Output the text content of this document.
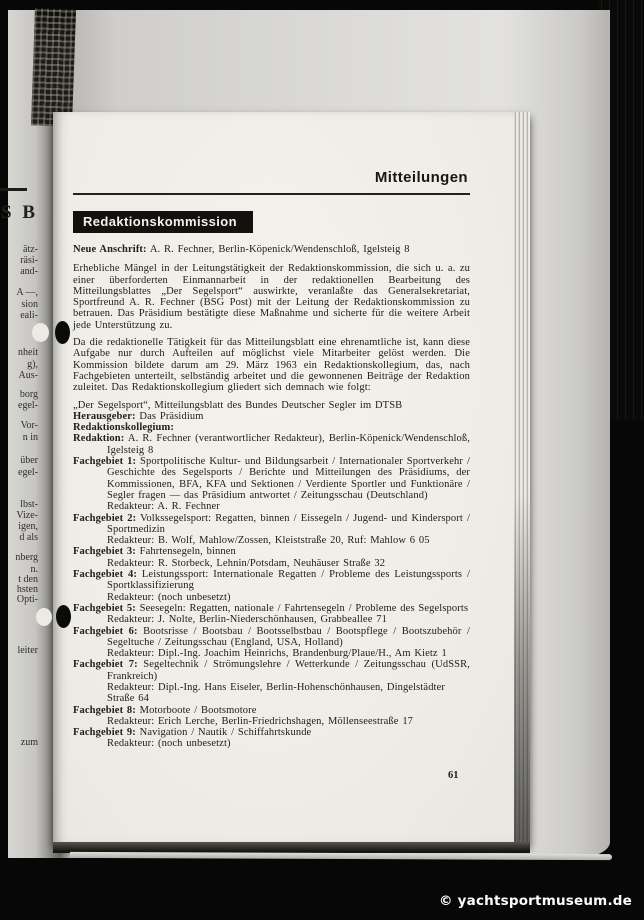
S B
ätz-
räsi-
and-
A —,
sion
eali-
nheit
g),
Aus-
borg
egel-
Vor-
n in
über
egel-
lbst-
Vize-
igen,
d als
nberg
n.
t den
hsten
Opti-
leiter
zum
Mitteilungen
Redaktionskommission
Neue Anschrift: A. R. Fechner, Berlin-Köpenick/Wendenschloß, Igelsteig 8
Erhebliche Mängel in der Leitungstätigkeit der Redaktionskommission, die sich u. a. zu einer überforderten Einmannarbeit in der redaktionellen Bearbeitung des Mitteilungsblattes „Der Segelsport“ auswirkte, veranlaßte das Generalsekretariat, Sportfreund A. R. Fechner (BSG Post) mit der Leitung der Redaktionskommission zu betrauen. Das Präsidium bestätigte diese Maßnahme und sicherte für die weitere Arbeit jede Unterstützung zu.
Da die redaktionelle Tätigkeit für das Mitteilungsblatt eine ehrenamtliche ist, kann diese Aufgabe nur durch Aufteilen auf möglichst viele Mitarbeiter gelöst werden. Die Kommission bildete darum am 29. März 1963 ein Redaktionskollegium, das, nach Fachgebieten unterteilt, selbständig arbeitet und die gewonnenen Beiträge der Redaktion zuleitet. Das Redaktionskollegium gliedert sich demnach wie folgt:
„Der Segelsport“, Mitteilungsblatt des Bundes Deutscher Segler im DTSB
Herausgeber: Das Präsidium
Redaktionskollegium:
Redaktion: A. R. Fechner (verantwortlicher Redakteur), Berlin-Köpenick/Wendenschloß, Igelsteig 8
Fachgebiet 1: Sportpolitische Kultur- und Bildungsarbeit / Internationaler Sportverkehr / Geschichte des Segelsports / Berichte und Mitteilungen des Präsidiums, der Kommissionen, BFA, KFA und Sektionen / Verdiente Sportler und Funktionäre / Segler fragen — das Präsidium antwortet / Zeitungsschau (Deutschland)
Redakteur: A. R. Fechner
Fachgebiet 2: Volkssegelsport: Regatten, binnen / Eissegeln / Jugend- und Kindersport / Sportmedizin
Redakteur: B. Wolf, Mahlow/Zossen, Kleiststraße 20, Ruf: Mahlow 6 05
Fachgebiet 3: Fahrtensegeln, binnen
Redakteur: R. Storbeck, Lehnin/Potsdam, Neuhäuser Straße 32
Fachgebiet 4: Leistungssport: Internationale Regatten / Probleme des Leistungssports / Sportklassifizierung
Redakteur: (noch unbesetzt)
Fachgebiet 5: Seesegeln: Regatten, nationale / Fahrtensegeln / Probleme des Segelsports
Redakteur: J. Nolte, Berlin-Niederschönhausen, Grabbeallee 71
Fachgebiet 6: Bootsrisse / Bootsbau / Bootsselbstbau / Bootspflege / Bootszubehör / Segeltuche / Zeitungsschau (England, USA, Holland)
Redakteur: Dipl.-Ing. Joachim Heinrichs, Brandenburg/Plaue/H., Am Kietz 1
Fachgebiet 7: Segeltechnik / Strömungslehre / Wetterkunde / Zeitungsschau (UdSSR, Frankreich)
Redakteur: Dipl.-Ing. Hans Eiseler, Berlin-Hohenschönhausen, Dingelstädter Straße 64
Fachgebiet 8: Motorboote / Bootsmotore
Redakteur: Erich Lerche, Berlin-Friedrichshagen, Möllenseestraße 17
Fachgebiet 9: Navigation / Nautik / Schiffahrtskunde
Redakteur: (noch unbesetzt)
61
© yachtsportmuseum.de
